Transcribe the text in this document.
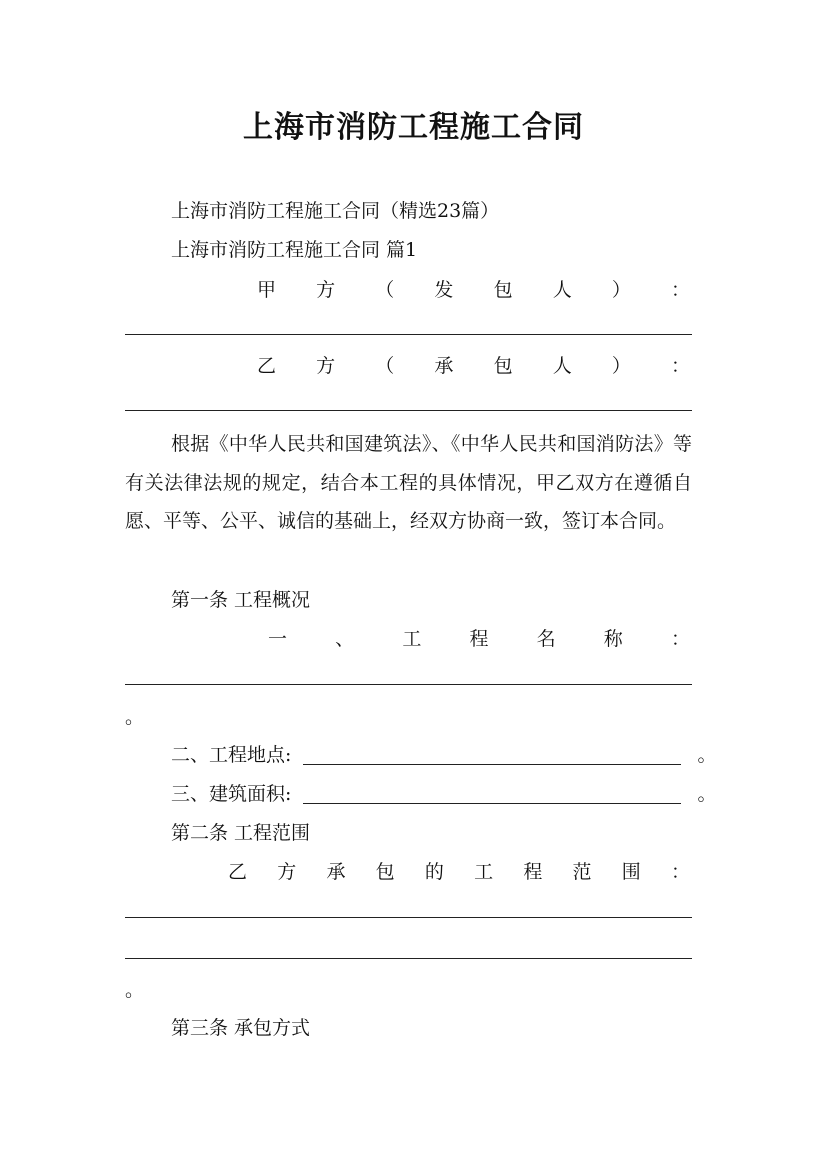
上海市消防工程施工合同
上海市消防工程施工合同（精选23篇）
上海市消防工程施工合同 篇1
甲 方 （ 发 包 人 ） ：
乙 方 （ 承 包 人 ） ：
根据《中华人民共和国建筑法》、《中华人民共和国消防法》等有关法律法规的规定，结合本工程的具体情况，甲乙双方在遵循自愿、平等、公平、诚信的基础上，经双方协商一致，签订本合同。
第一条 工程概况
一	、	工	程	名	称	：
。
二、工程地点:	。
三、建筑面积:	。
第二条 工程范围
乙 方 承 包 的 工 程 范 围 ：
。
第三条 承包方式
